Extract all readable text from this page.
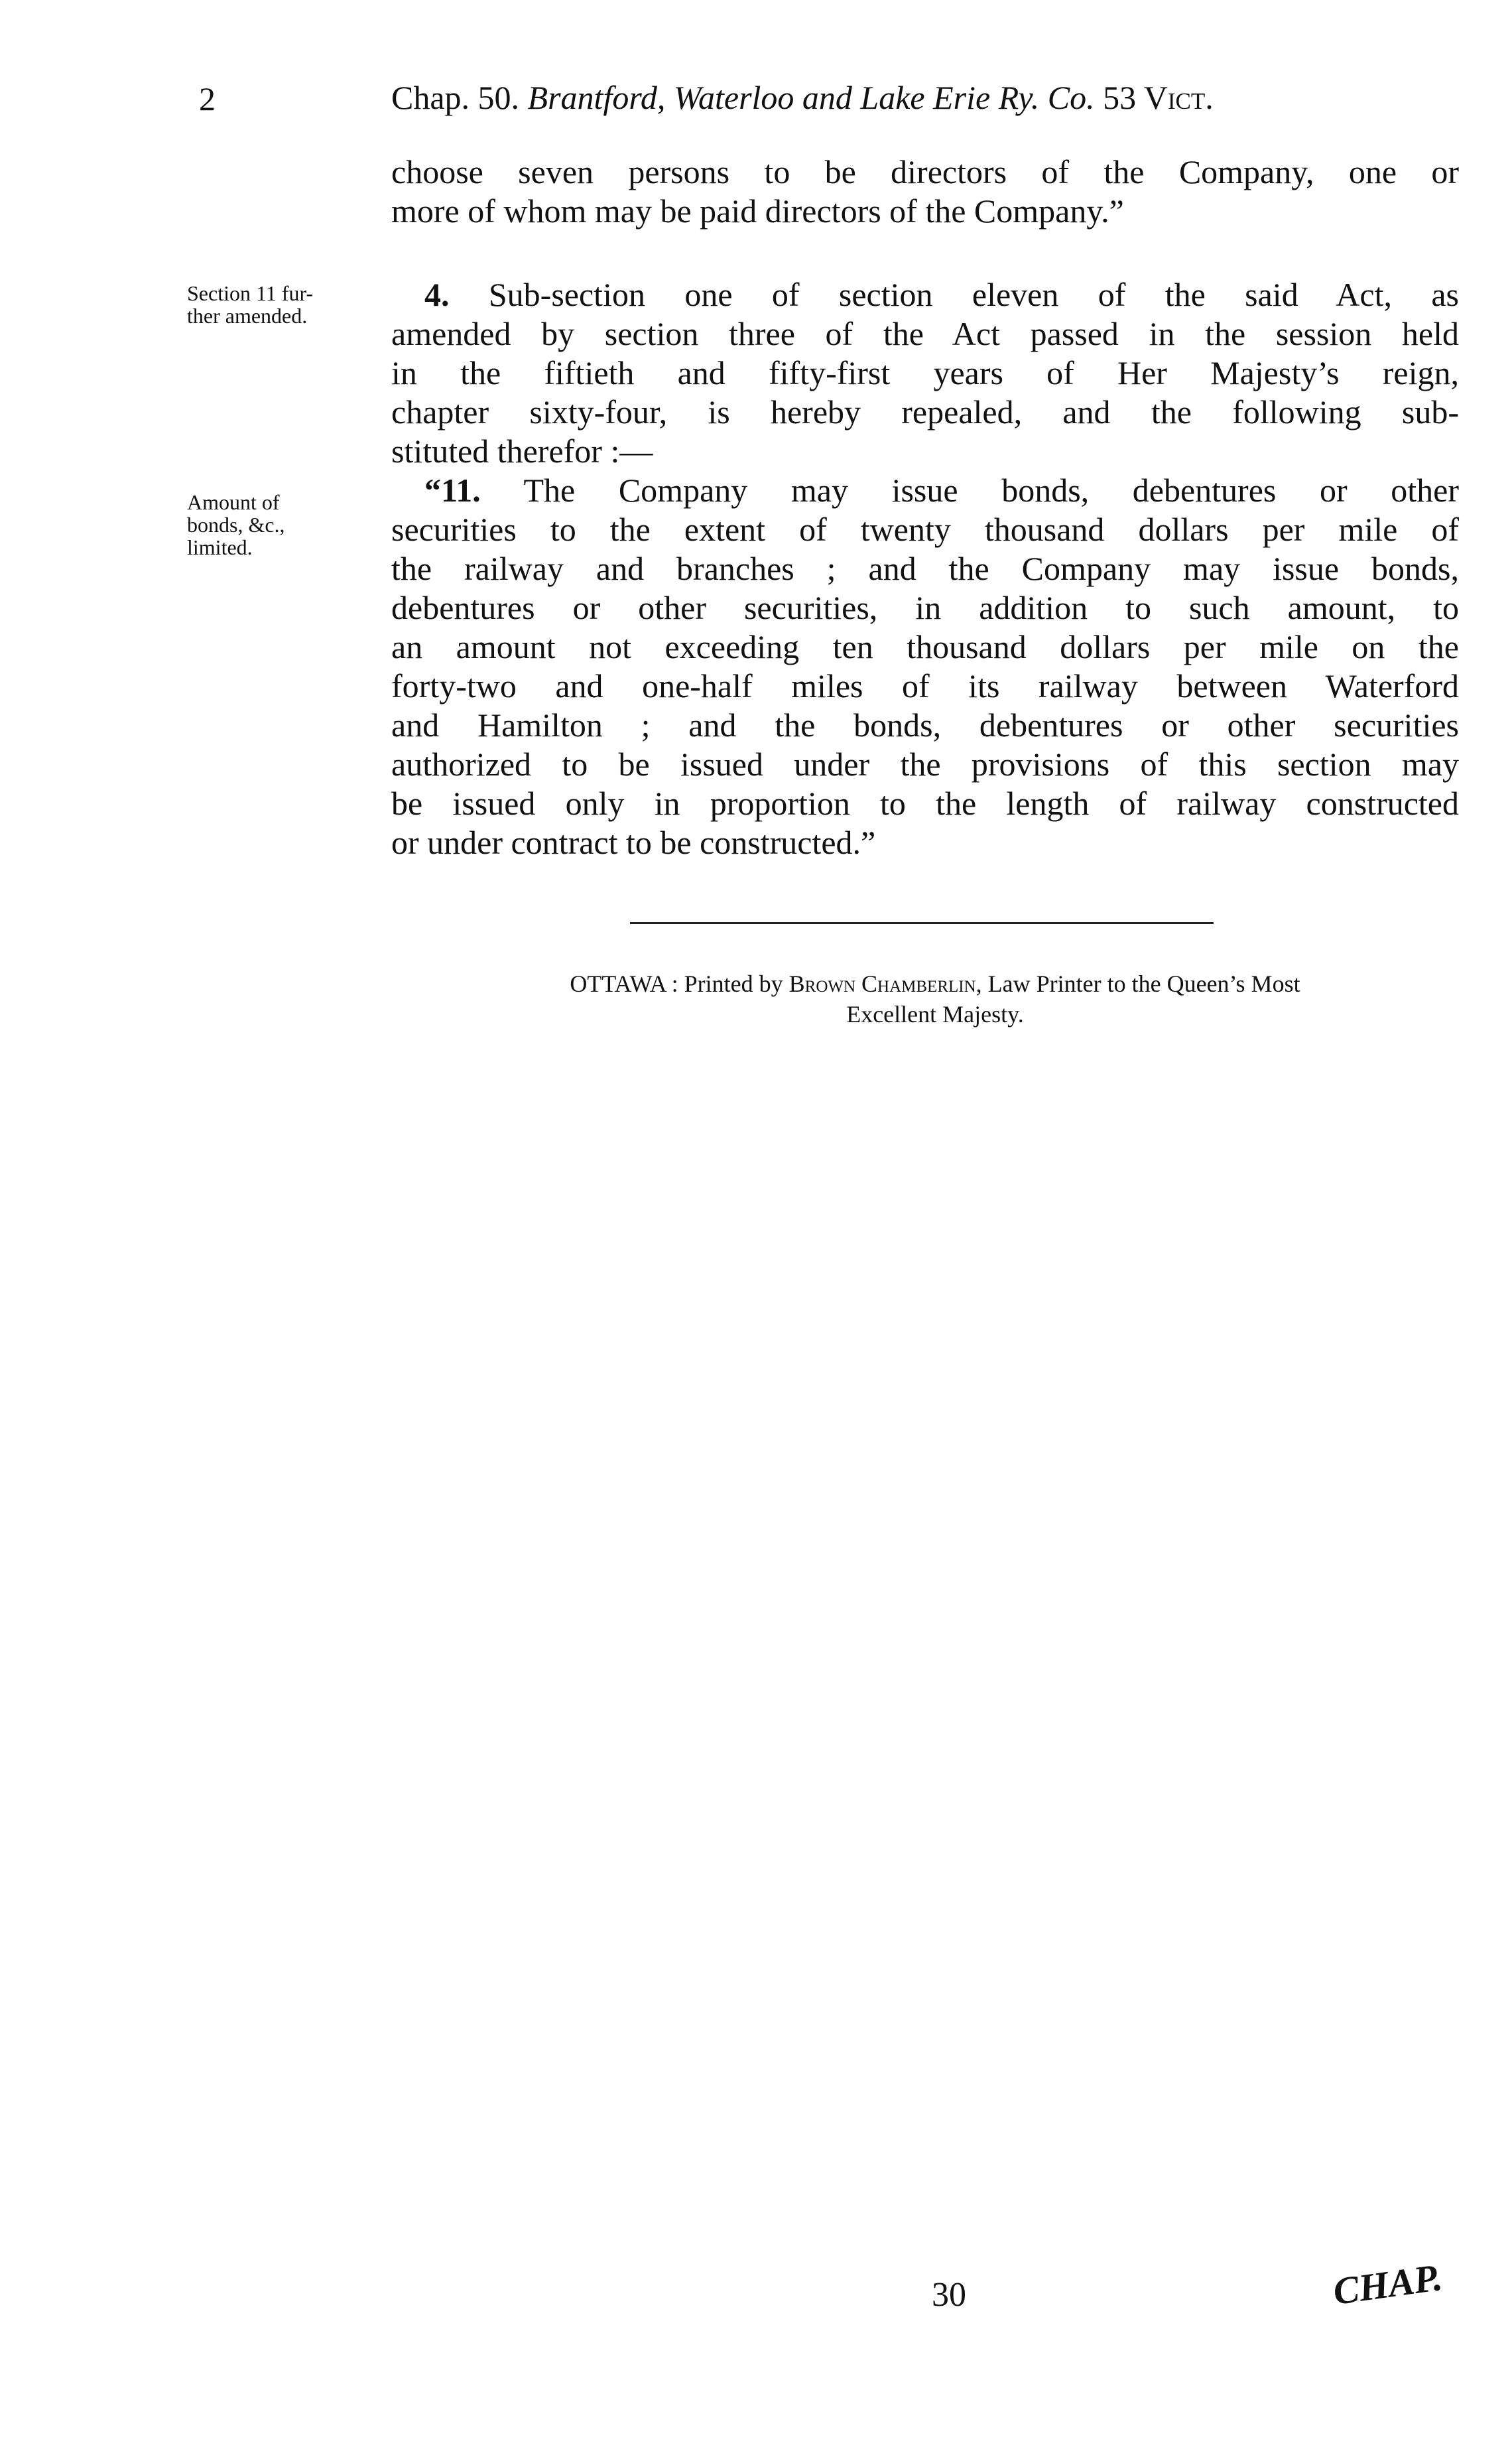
2	Chap. 50. Brantford, Waterloo and Lake Erie Ry. Co. 53 Vict.
choose seven persons to be directors of the Company, one or
more of whom may be paid directors of the Company.”
Section 11 fur-
ther amended.
4. Sub-section one of section eleven of the said Act, as
amended by section three of the Act passed in the session held
in the fiftieth and fifty-first years of Her Majesty’s reign,
chapter sixty-four, is hereby repealed, and the following sub-
stituted therefor :—
Amount of
bonds, &c.,
limited.
“11. The Company may issue bonds, debentures or other
securities to the extent of twenty thousand dollars per mile of
the railway and branches ; and the Company may issue bonds,
debentures or other securities, in addition to such amount, to
an amount not exceeding ten thousand dollars per mile on the
forty-two and one-half miles of its railway between Waterford
and Hamilton ; and the bonds, debentures or other securities
authorized to be issued under the provisions of this section may
be issued only in proportion to the length of railway constructed
or under contract to be constructed.”
OTTAWA : Printed by Brown Chamberlin, Law Printer to the Queen’s Most
Excellent Majesty.
30	CHAP.
